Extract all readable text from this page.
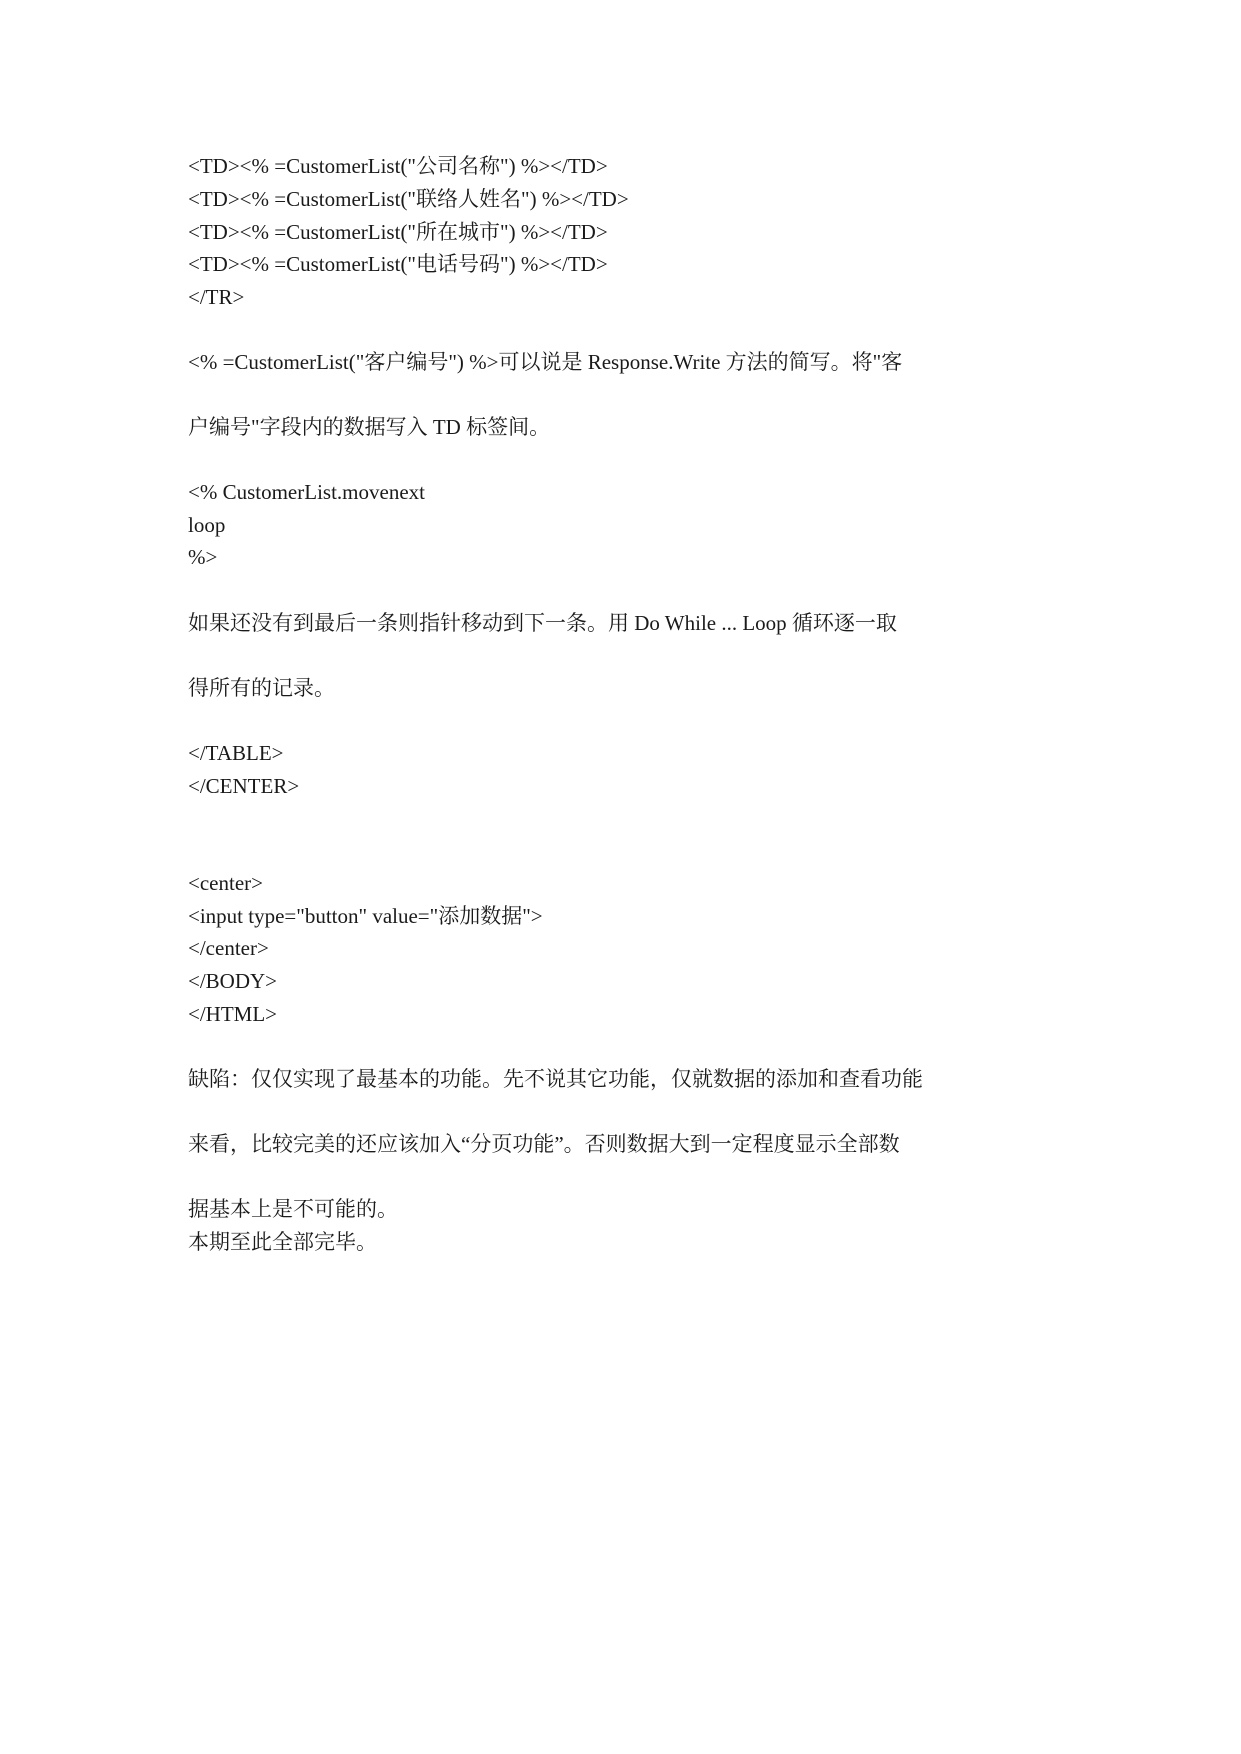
<TD><% =CustomerList("公司名称") %></TD>

<TD><% =CustomerList("联络人姓名") %></TD>

<TD><% =CustomerList("所在城市") %></TD>

<TD><% =CustomerList("电话号码") %></TD>

</TR>

<% =CustomerList("客户编号") %>可以说是 Response.Write 方法的简写。将"客

户编号"字段内的数据写入 TD 标签间。

<% CustomerList.movenext

loop

%>

如果还没有到最后一条则指针移动到下一条。用 Do While ... Loop 循环逐一取

得所有的记录。

</TABLE>

</CENTER>

<center>

<input type="button" value="添加数据">

</center>

</BODY>

</HTML>

缺陷：仅仅实现了最基本的功能。先不说其它功能，仅就数据的添加和查看功能

来看，比较完美的还应该加入“分页功能”。否则数据大到一定程度显示全部数

据基本上是不可能的。

本期至此全部完毕。
